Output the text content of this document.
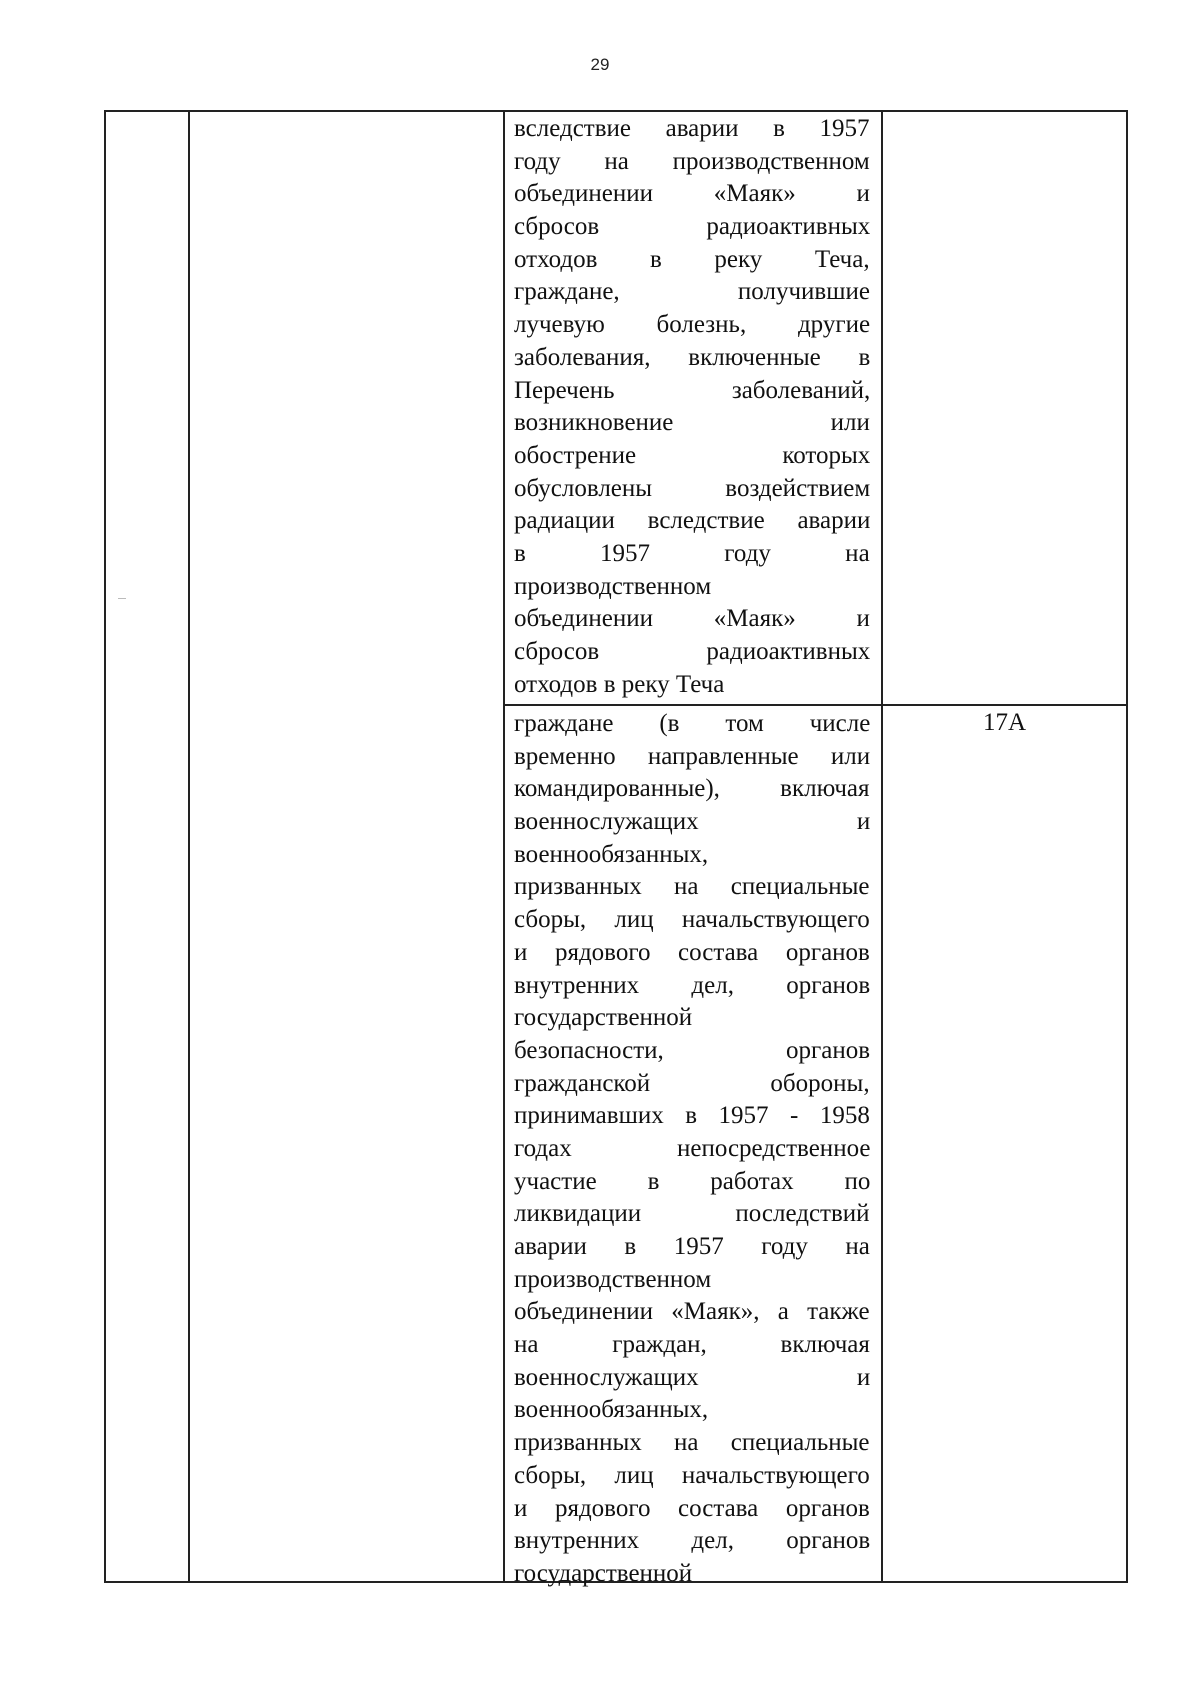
29
вследствие аварии в 1957
году на производственном
объединении «Маяк» и
сбросов радиоактивных
отходов в реку Теча,
граждане, получившие
лучевую болезнь, другие
заболевания, включенные в
Перечень заболеваний,
возникновение или
обострение которых
обусловлены воздействием
радиации вследствие аварии
в 1957 году на
производственном
объединении «Маяк» и
сбросов радиоактивных
отходов в реку Теча
граждане (в том числе
временно направленные или
командированные), включая
военнослужащих и
военнообязанных,
призванных на специальные
сборы, лиц начальствующего
и рядового состава органов
внутренних дел, органов
государственной
безопасности, органов
гражданской обороны,
принимавших в 1957 - 1958
годах непосредственное
участие в работах по
ликвидации последствий
аварии в 1957 году на
производственном
объединении «Маяк», а также
на граждан, включая
военнослужащих и
военнообязанных,
призванных на специальные
сборы, лиц начальствующего
и рядового состава органов
внутренних дел, органов
государственной
17А
